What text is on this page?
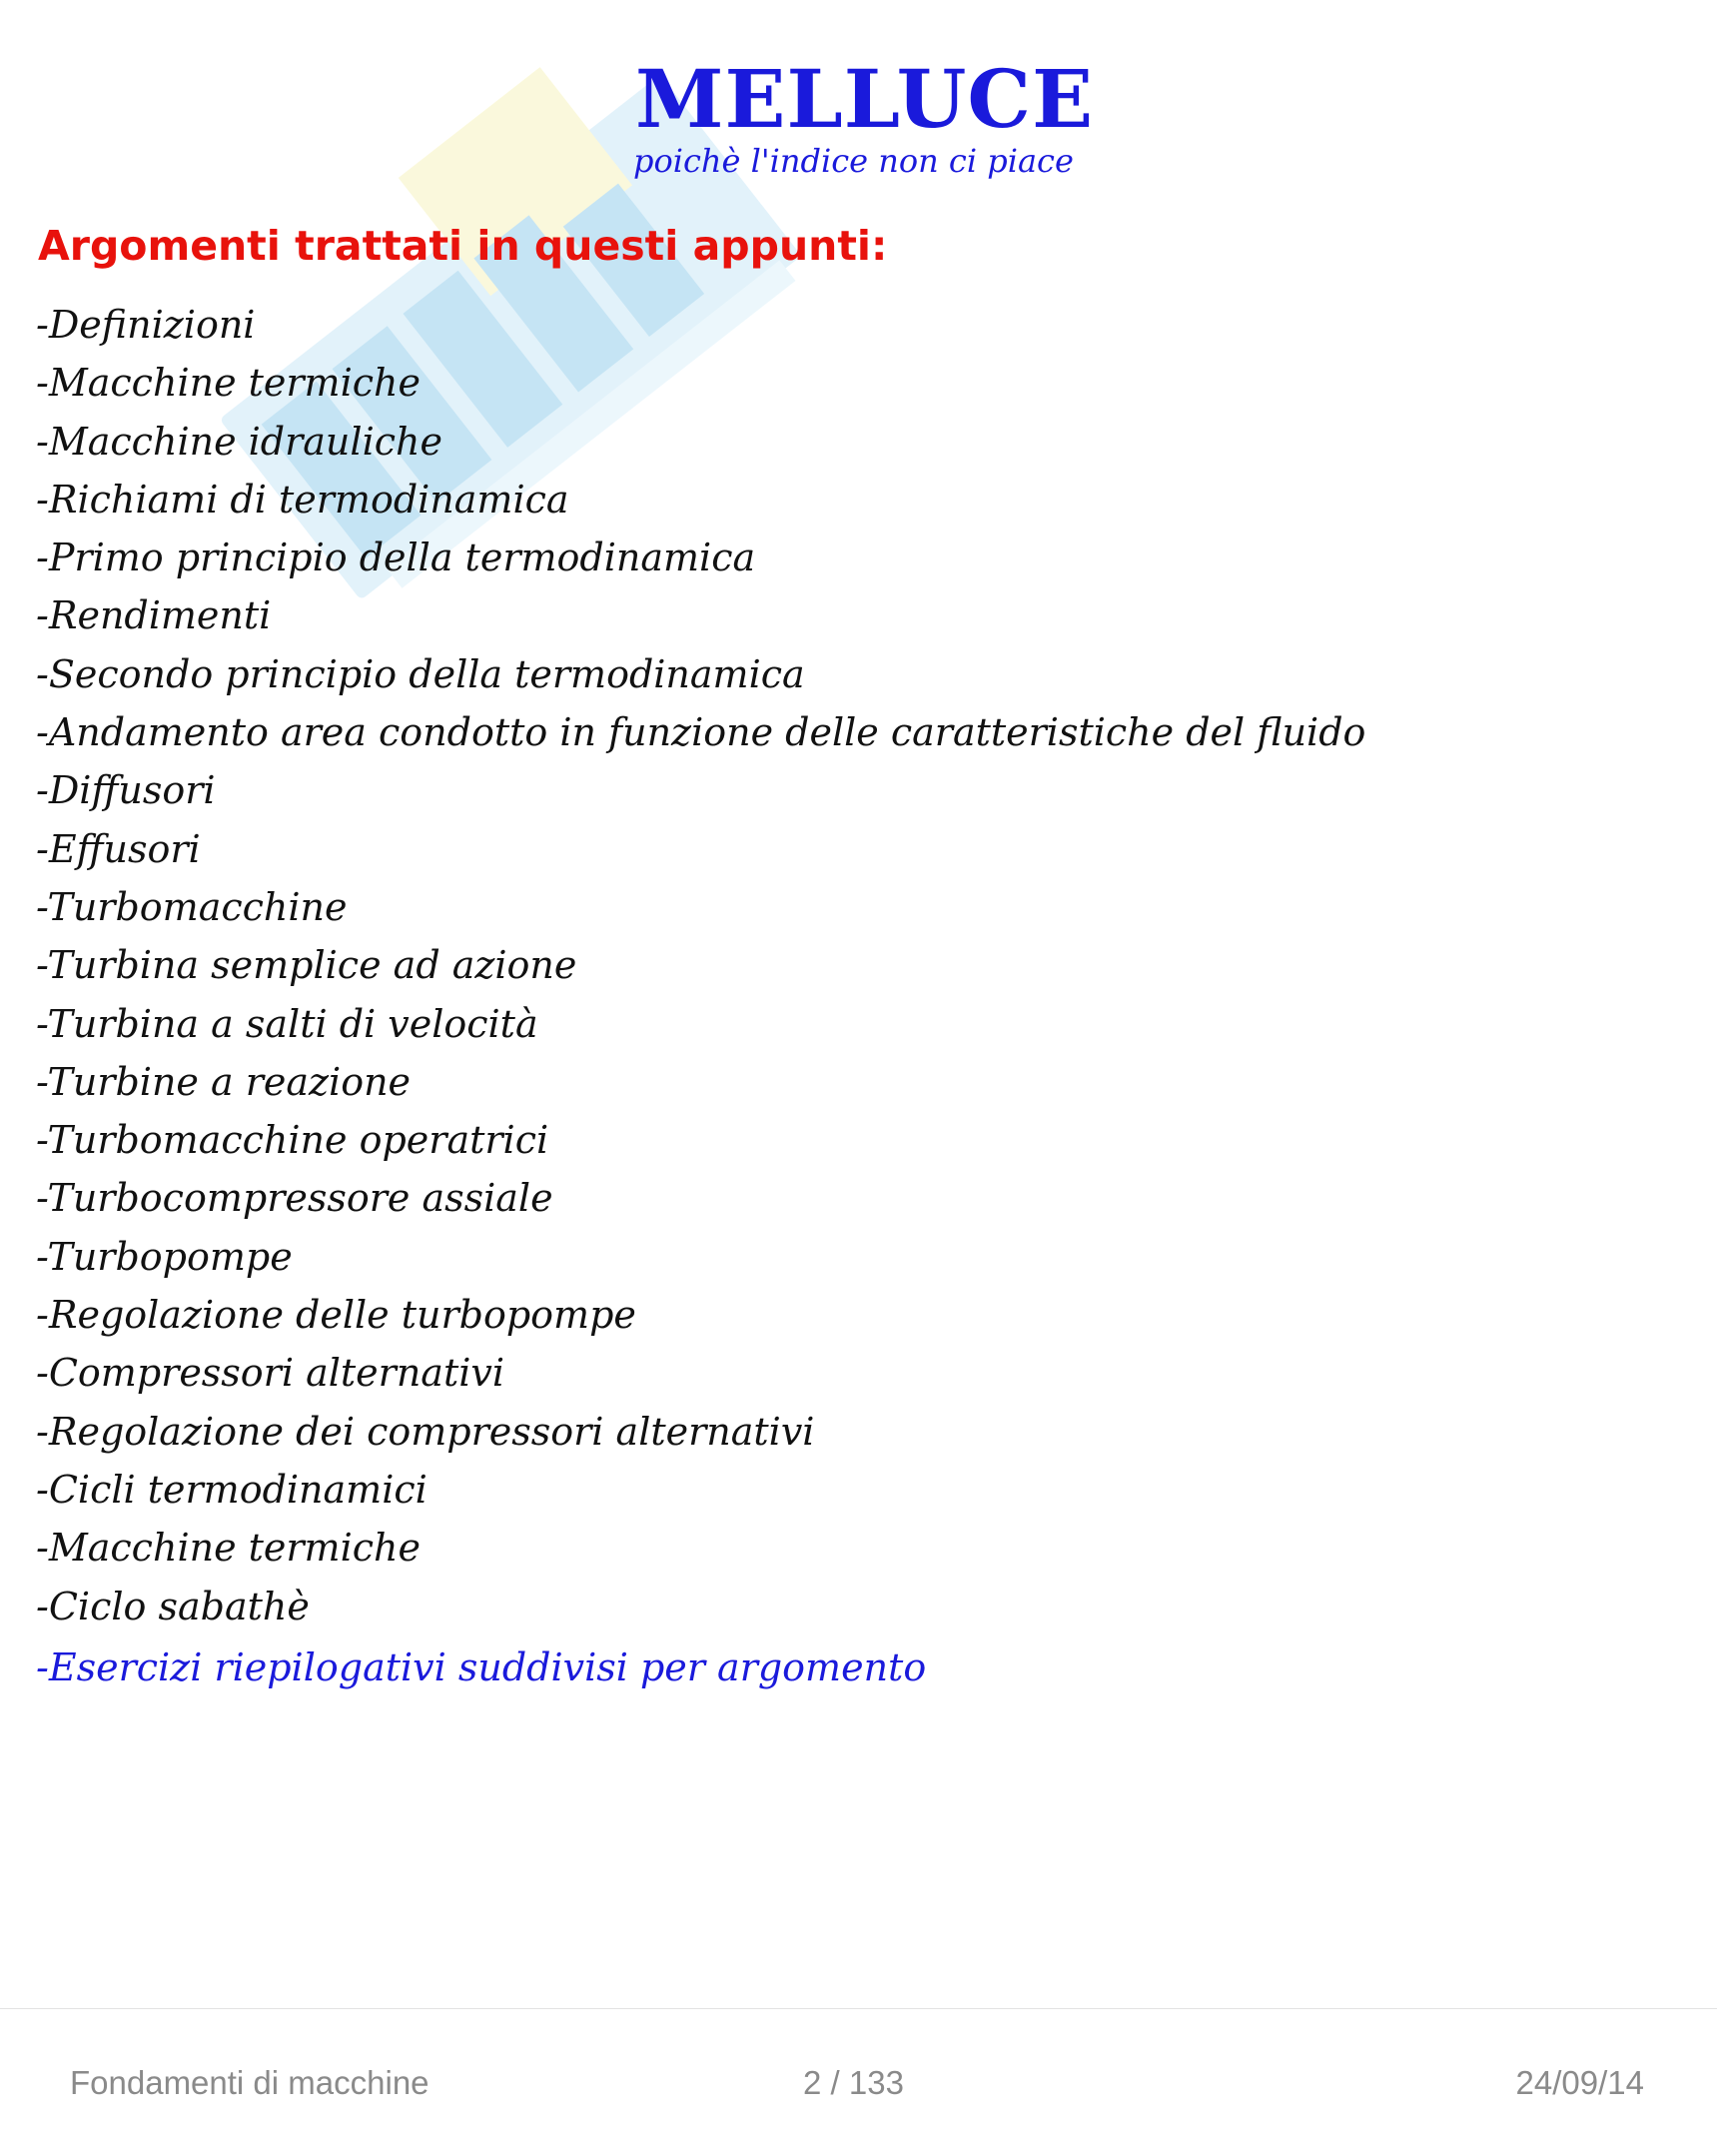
MELLUCE
poichè l'indice non ci piace
Argomenti trattati in questi appunti:
-Definizioni
-Macchine termiche
-Macchine idrauliche
-Richiami di termodinamica
-Primo principio della termodinamica
-Rendimenti
-Secondo principio della termodinamica
-Andamento area condotto in funzione delle caratteristiche del fluido
-Diffusori
-Effusori
-Turbomacchine
-Turbina semplice ad azione
-Turbina a salti di velocità
-Turbine a reazione
-Turbomacchine operatrici
-Turbocompressore assiale
-Turbopompe
-Regolazione delle turbopompe
-Compressori alternativi
-Regolazione dei compressori alternativi
-Cicli termodinamici
-Macchine termiche
-Ciclo sabathè
-Esercizi riepilogativi suddivisi per argomento
Fondamenti di macchine	2 / 133	24/09/14
